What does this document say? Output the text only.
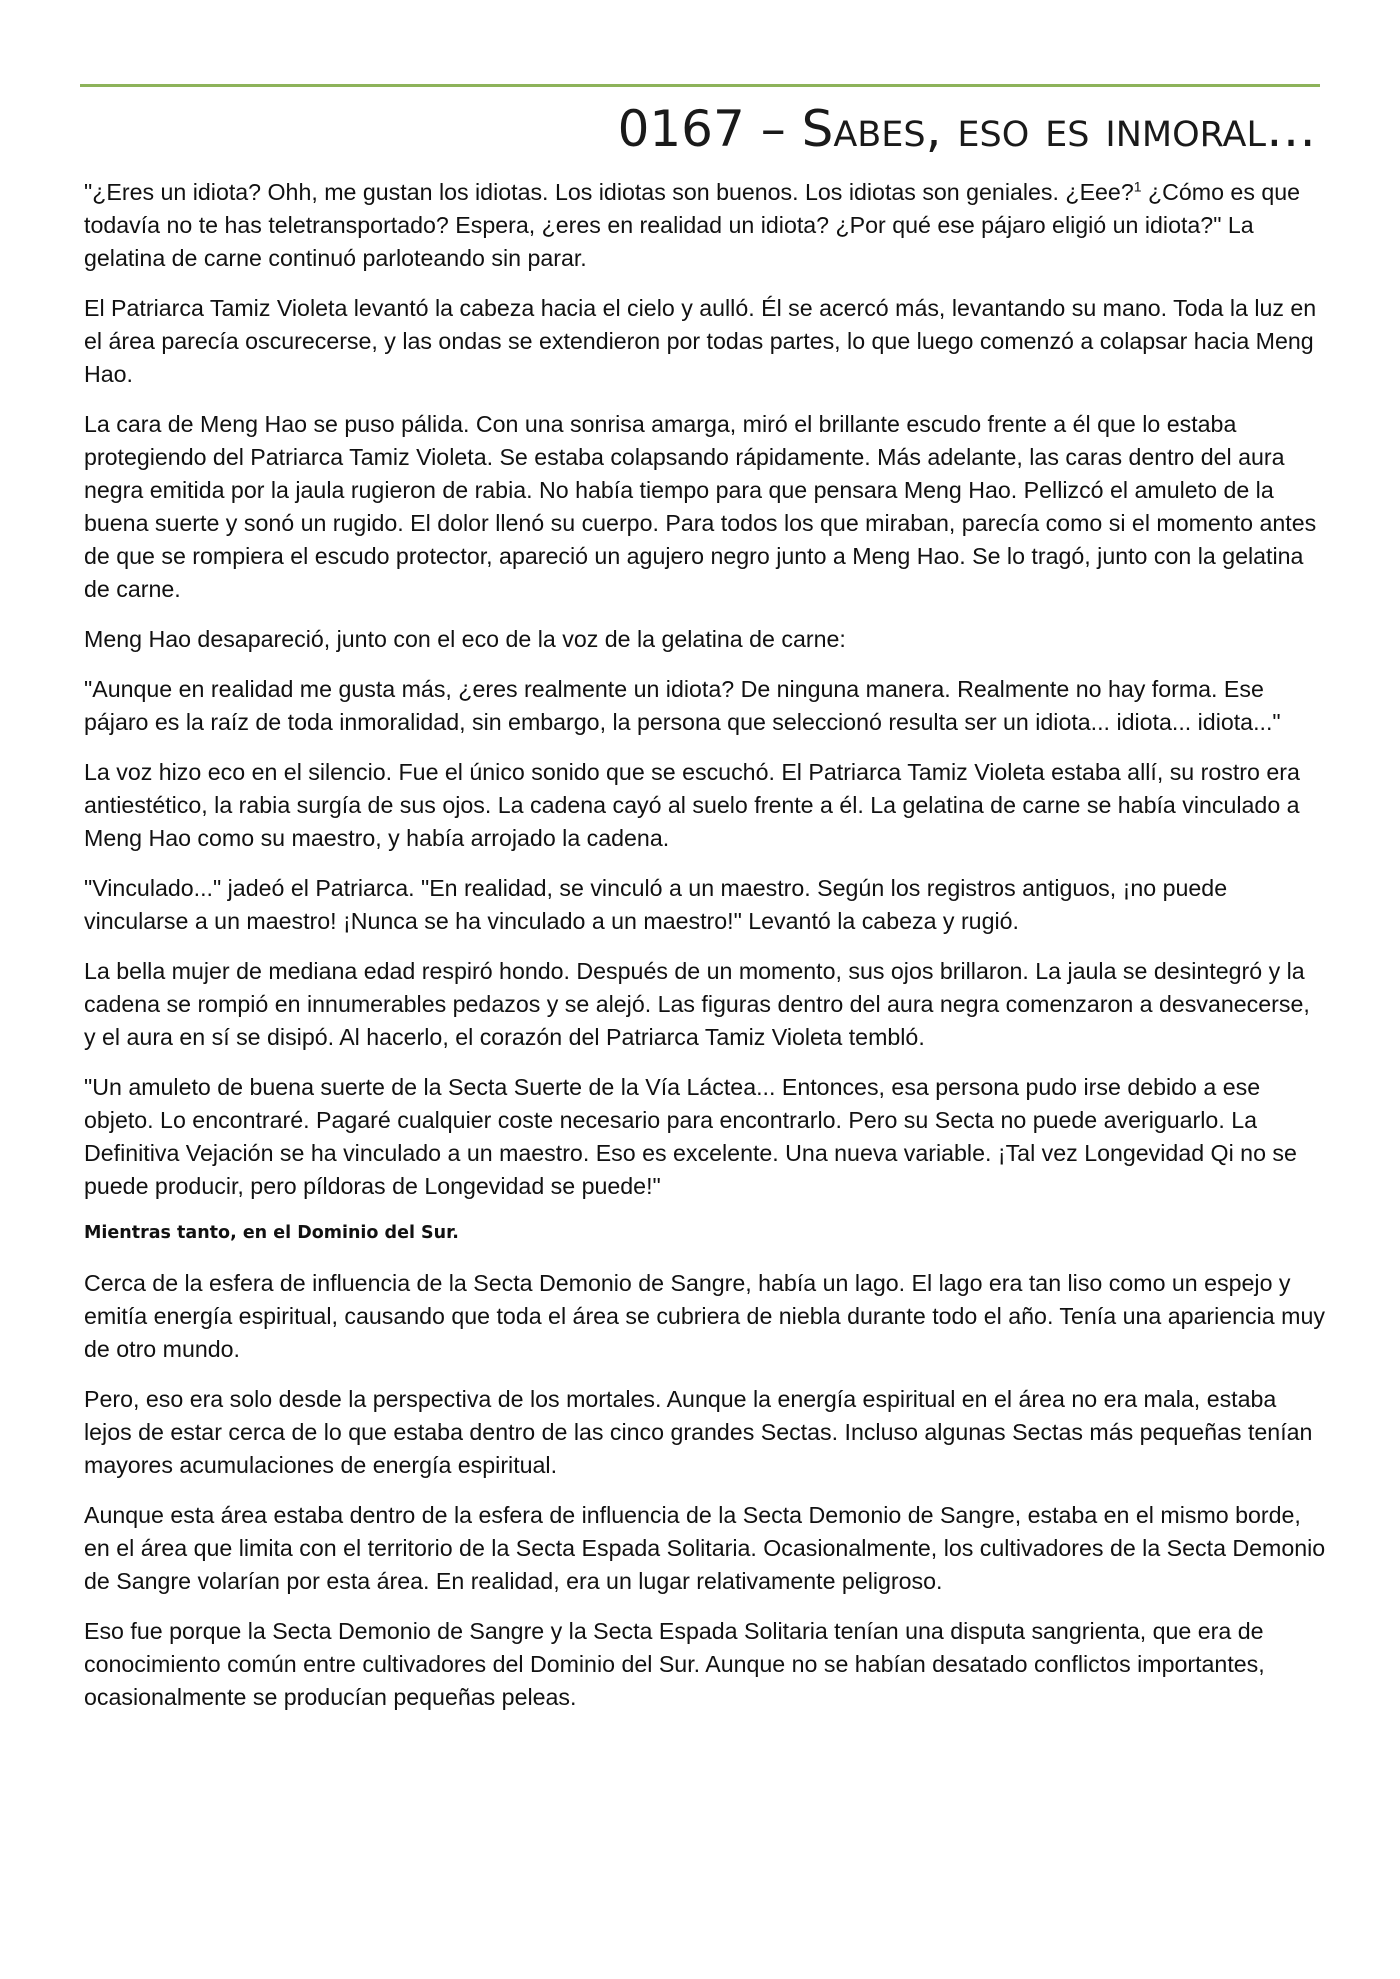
0167 – Sabes, eso es inmoral…

"¿Eres un idiota? Ohh, me gustan los idiotas. Los idiotas son buenos. Los idiotas son geniales. ¿Eee?$^1$ ¿Cómo es que todavía no te has teletransportado? Espera, ¿eres en realidad un idiota? ¿Por qué ese pájaro eligió un idiota?" La gelatina de carne continuó parloteando sin parar.

El Patriarca Tamiz Violeta levantó la cabeza hacia el cielo y aulló. Él se acercó más, levantando su mano. Toda la luz en el área parecía oscurecerse, y las ondas se extendieron por todas partes, lo que luego comenzó a colapsar hacia Meng Hao.

La cara de Meng Hao se puso pálida. Con una sonrisa amarga, miró el brillante escudo frente a él que lo estaba protegiendo del Patriarca Tamiz Violeta. Se estaba colapsando rápidamente. Más adelante, las caras dentro del aura negra emitida por la jaula rugieron de rabia. No había tiempo para que pensara Meng Hao. Pellizcó el amuleto de la buena suerte y sonó un rugido. El dolor llenó su cuerpo. Para todos los que miraban, parecía como si el momento antes de que se rompiera el escudo protector, apareció un agujero negro junto a Meng Hao. Se lo tragó, junto con la gelatina de carne.

Meng Hao desapareció, junto con el eco de la voz de la gelatina de carne:

"Aunque en realidad me gusta más, ¿eres realmente un idiota? De ninguna manera. Realmente no hay forma. Ese pájaro es la raíz de toda inmoralidad, sin embargo, la persona que seleccionó resulta ser un idiota... idiota... idiota..."

La voz hizo eco en el silencio. Fue el único sonido que se escuchó. El Patriarca Tamiz Violeta estaba allí, su rostro era antiestético, la rabia surgía de sus ojos. La cadena cayó al suelo frente a él. La gelatina de carne se había vinculado a Meng Hao como su maestro, y había arrojado la cadena.

"Vinculado..." jadeó el Patriarca. "En realidad, se vinculó a un maestro. Según los registros antiguos, ¡no puede vincularse a un maestro! ¡Nunca se ha vinculado a un maestro!" Levantó la cabeza y rugió.

La bella mujer de mediana edad respiró hondo. Después de un momento, sus ojos brillaron. La jaula se desintegró y la cadena se rompió en innumerables pedazos y se alejó. Las figuras dentro del aura negra comenzaron a desvanecerse, y el aura en sí se disipó. Al hacerlo, el corazón del Patriarca Tamiz Violeta tembló.

"Un amuleto de buena suerte de la Secta Suerte de la Vía Láctea... Entonces, esa persona pudo irse debido a ese objeto. Lo encontraré. Pagaré cualquier coste necesario para encontrarlo. Pero su Secta no puede averiguarlo. La Definitiva Vejación se ha vinculado a un maestro. Eso es excelente. Una nueva variable. ¡Tal vez Longevidad Qi no se puede producir, pero píldoras de Longevidad se puede!"

Mientras tanto, en el Dominio del Sur.

Cerca de la esfera de influencia de la Secta Demonio de Sangre, había un lago. El lago era tan liso como un espejo y emitía energía espiritual, causando que toda el área se cubriera de niebla durante todo el año. Tenía una apariencia muy de otro mundo.

Pero, eso era solo desde la perspectiva de los mortales. Aunque la energía espiritual en el área no era mala, estaba lejos de estar cerca de lo que estaba dentro de las cinco grandes Sectas. Incluso algunas Sectas más pequeñas tenían mayores acumulaciones de energía espiritual.

Aunque esta área estaba dentro de la esfera de influencia de la Secta Demonio de Sangre, estaba en el mismo borde, en el área que limita con el territorio de la Secta Espada Solitaria. Ocasionalmente, los cultivadores de la Secta Demonio de Sangre volarían por esta área. En realidad, era un lugar relativamente peligroso.

Eso fue porque la Secta Demonio de Sangre y la Secta Espada Solitaria tenían una disputa sangrienta, que era de conocimiento común entre cultivadores del Dominio del Sur. Aunque no se habían desatado conflictos importantes, ocasionalmente se producían pequeñas peleas.
